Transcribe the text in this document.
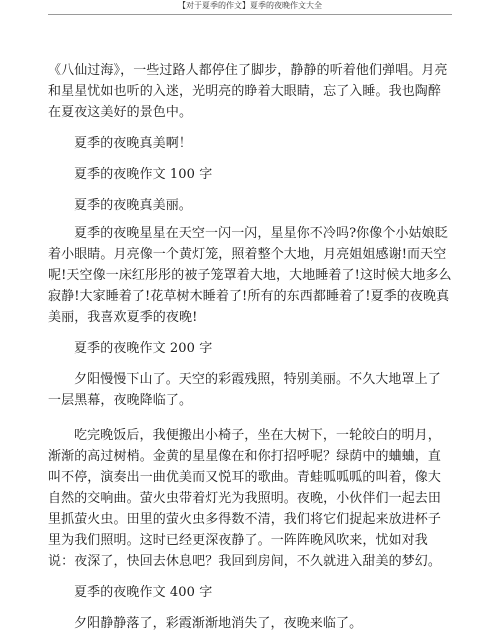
【对于夏季的作文】夏季的夜晚作文大全

《八仙过海》，一些过路人都停住了脚步，静静的听着他们弹唱。月亮和星星忧如也听的入迷，光明亮的睁着大眼睛，忘了入睡。我也陶醉在夏夜这美好的景色中。

夏季的夜晚真美啊！

夏季的夜晚作文 100 字

夏季的夜晚真美丽。

夏季的夜晚星星在天空一闪一闪，星星你不冷吗?你像个小姑娘眨着小眼睛。月亮像一个黄灯笼，照着整个大地，月亮姐姐感谢!而天空呢!天空像一床红彤彤的被子笼罩着大地，大地睡着了!这时候大地多么寂静!大家睡着了!花草树木睡着了!所有的东西都睡着了!夏季的夜晚真美丽，我喜欢夏季的夜晚!

夏季的夜晚作文 200 字

夕阳慢慢下山了。天空的彩霞残照，特别美丽。不久大地罩上了一层黑幕，夜晚降临了。

吃完晚饭后，我便搬出小椅子，坐在大树下，一轮皎白的明月，渐渐的高过树梢。金黄的星星像在和你打招呼呢？绿荫中的蛐蛐，直叫不停，演奏出一曲优美而又悦耳的歌曲。青蛙呱呱呱的叫着，像大自然的交响曲。萤火虫带着灯光为我照明。夜晚，小伙伴们一起去田里抓萤火虫。田里的萤火虫多得数不清，我们将它们捉起来放进杯子里为我们照明。这时已经更深夜静了。一阵阵晚风吹来，忧如对我说：夜深了，快回去休息吧？我回到房间，不久就进入甜美的梦幻。

夏季的夜晚作文 400 字

夕阳静静落了，彩霞渐渐地消失了，夜晚来临了。
